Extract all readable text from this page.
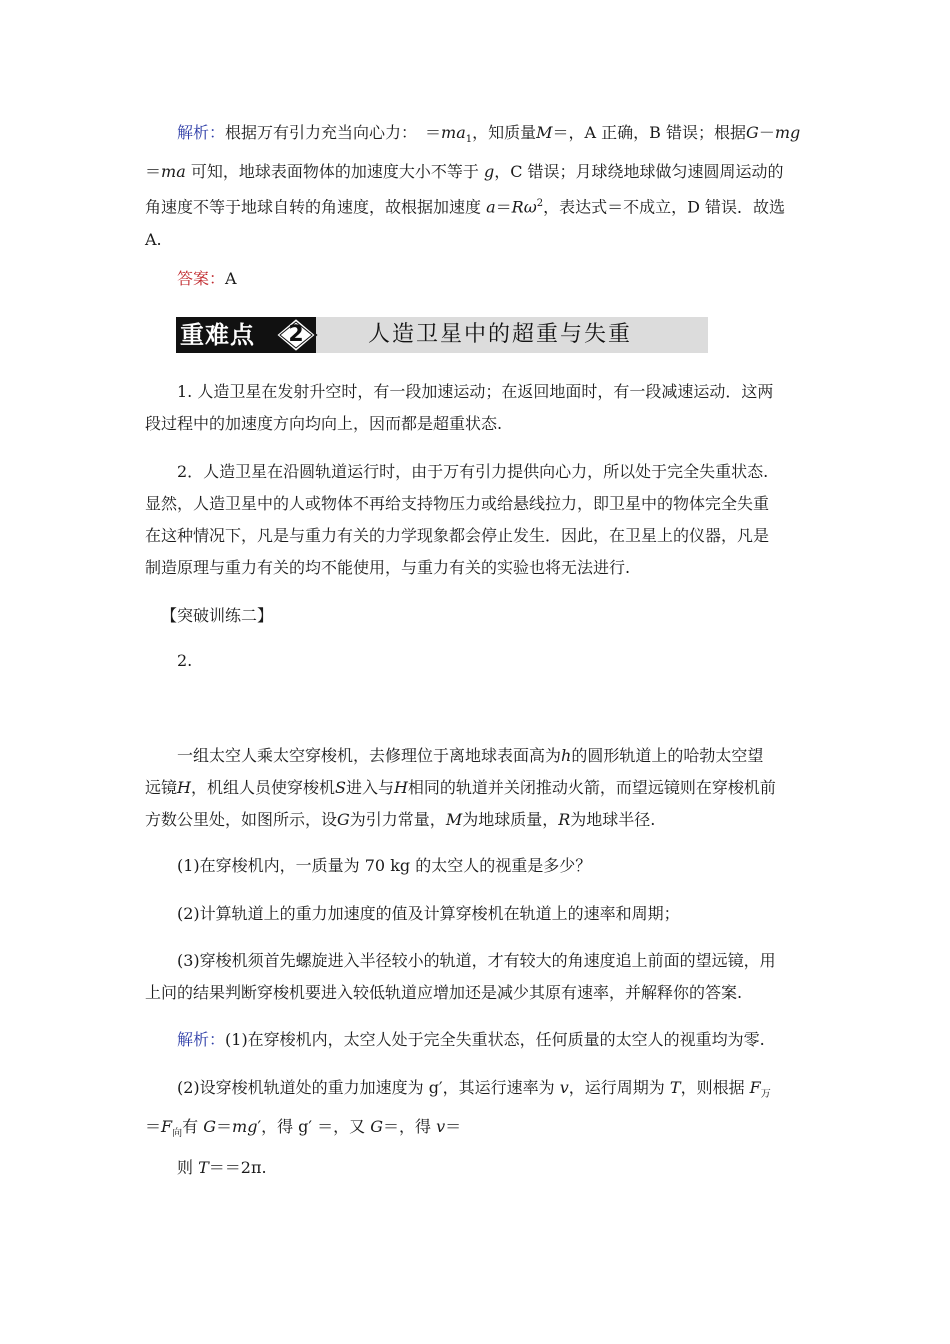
解析：根据万有引力充当向心力：　$=ma_1$，知质量M＝，A 正确，B 错误；根据G－mg
＝ma 可知，地球表面物体的加速度大小不等于 g，C 错误；月球绕地球做匀速圆周运动的
角速度不等于地球自转的角速度，故根据加速度 $a=R\omega^2$，表达式＝不成立，D 错误．故选
A.
答案：A
重难点 2	人造卫星中的超重与失重
1. 人造卫星在发射升空时，有一段加速运动；在返回地面时，有一段减速运动．这两
段过程中的加速度方向均向上，因而都是超重状态.
2．人造卫星在沿圆轨道运行时，由于万有引力提供向心力，所以处于完全失重状态.
显然，人造卫星中的人或物体不再给支持物压力或给悬线拉力，即卫星中的物体完全失重
在这种情况下，凡是与重力有关的力学现象都会停止发生．因此，在卫星上的仪器，凡是
制造原理与重力有关的均不能使用，与重力有关的实验也将无法进行.
【突破训练二】
2.
一组太空人乘太空穿梭机，去修理位于离地球表面高为h的圆形轨道上的哈勃太空望
远镜H，机组人员使穿梭机S进入与H相同的轨道并关闭推动火箭，而望远镜则在穿梭机前
方数公里处，如图所示，设G为引力常量，M为地球质量，R为地球半径.
(1)在穿梭机内，一质量为 70 kg 的太空人的视重是多少？
(2)计算轨道上的重力加速度的值及计算穿梭机在轨道上的速率和周期；
(3)穿梭机须首先螺旋进入半径较小的轨道，才有较大的角速度追上前面的望远镜，用
上问的结果判断穿梭机要进入较低轨道应增加还是减少其原有速率，并解释你的答案.
解析：(1)在穿梭机内，太空人处于完全失重状态，任何质量的太空人的视重均为零.
(2)设穿梭机轨道处的重力加速度为 g′，其运行速率为 v，运行周期为 T，则根据 $F_万$
$=F_向$有 G＝mg′，得 g′ ＝，又 G＝，得 v＝
则 T＝＝2π.
